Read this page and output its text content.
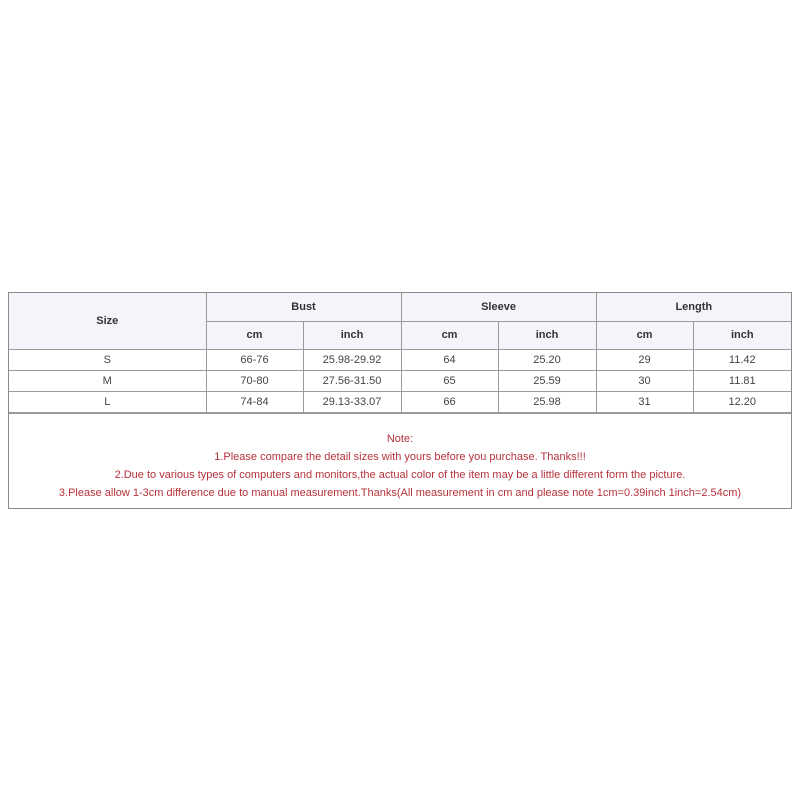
Size	Bust		Sleeve		Length	
	cm	inch	cm	inch	cm	inch
S	66-76	25.98-29.92	64	25.20	29	11.42
M	70-80	27.56-31.50	65	25.59	30	11.81
L	74-84	29.13-33.07	66	25.98	31	12.20
Note:
1.Please compare the detail sizes with yours before you purchase. Thanks!!!
2.Due to various types of computers and monitors,the actual color of the item may be a little different form the picture.
3.Please allow 1-3cm difference due to manual measurement.Thanks(All measurement in cm and please note 1cm=0.39inch 1inch=2.54cm)
